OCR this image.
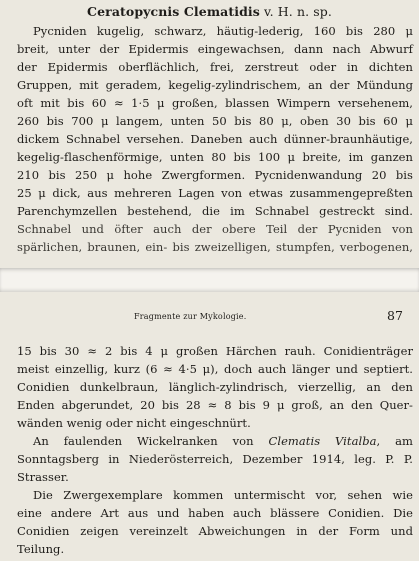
Ceratopycnis Clematidis v. H. n. sp.
Pycniden kugelig, schwarz, häutig-lederig, 160 bis 280 μ
breit, unter der Epidermis eingewachsen, dann nach Abwurf
der Epidermis oberflächlich, frei, zerstreut oder in dichten
Gruppen, mit geradem, kegelig-zylindrischem, an der Mündung
oft mit bis 60 ≈ 1·5 μ großen, blassen Wimpern versehenem,
260 bis 700 μ langem, unten 50 bis 80 μ, oben 30 bis 60 μ
dickem Schnabel versehen. Daneben auch dünner-braunhäutige,
kegelig-flaschenförmige, unten 80 bis 100 μ breite, im ganzen
210 bis 250 μ hohe Zwergformen. Pycnidenwandung 20 bis
25 μ dick, aus mehreren Lagen von etwas zusammengepreßten
Parenchymzellen bestehend, die im Schnabel gestreckt sind.
Schnabel und öfter auch der obere Teil der Pycniden von
spärlichen, braunen, ein- bis zweizelligen, stumpfen, verbogenen,
Fragmente zur Mykologie.	87
15 bis 30 ≈ 2 bis 4 μ großen Härchen rauh. Conidienträger
meist einzellig, kurz (6 ≈ 4·5 μ), doch auch länger und septiert.
Conidien dunkelbraun, länglich-zylindrisch, vierzellig, an den
Enden abgerundet, 20 bis 28 ≈ 8 bis 9 μ groß, an den Quer-
wänden wenig oder nicht eingeschnürt.
An faulenden Wickelranken von Clematis Vitalba, am
Sonntagsberg in Niederösterreich, Dezember 1914, leg. P. P.
Strasser.
Die Zwergexemplare kommen untermischt vor, sehen wie
eine andere Art aus und haben auch blässere Conidien. Die
Conidien zeigen vereinzelt Abweichungen in der Form und
Teilung.
